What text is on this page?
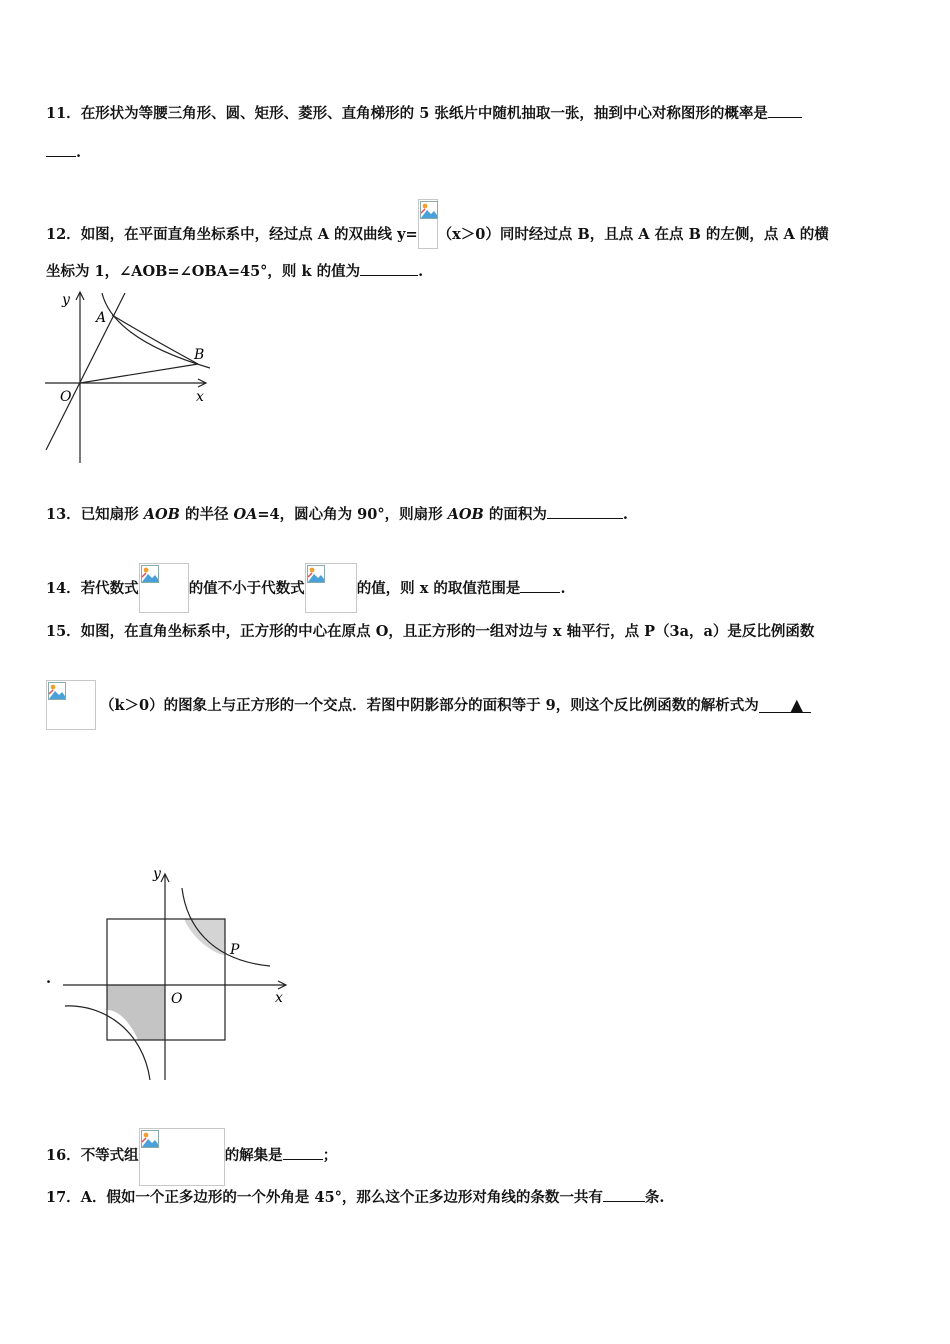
11．在形状为等腰三角形、圆、矩形、菱形、直角梯形的 5 张纸片中随机抽取一张，抽到中心对称图形的概率是
.
12．如图，在平面直角坐标系中，经过点 A 的双曲线 y= （x＞0）同时经过点 B，且点 A 在点 B 的左侧，点 A 的横
坐标为 1，∠AOB=∠OBA=45°，则 k 的值为	.
y
x
O
A
B
13．已知扇形 AOB 的半径 OA=4，圆心角为 90°，则扇形 AOB 的面积为	.
14．若代数式	的值不小于代数式	的值，则 x 的取值范围是	.
15．如图，在直角坐标系中，正方形的中心在原点 O，且正方形的一组对边与 x 轴平行，点 P（3a，a）是反比例函数
（k＞0）的图象上与正方形的一个交点．若图中阴影部分的面积等于 9，则这个反比例函数的解析式为 ▲
.
y
x
O
P
16．不等式组	的解集是	；
17．A．假如一个正多边形的一个外角是 45°，那么这个正多边形对角线的条数一共有	条.
